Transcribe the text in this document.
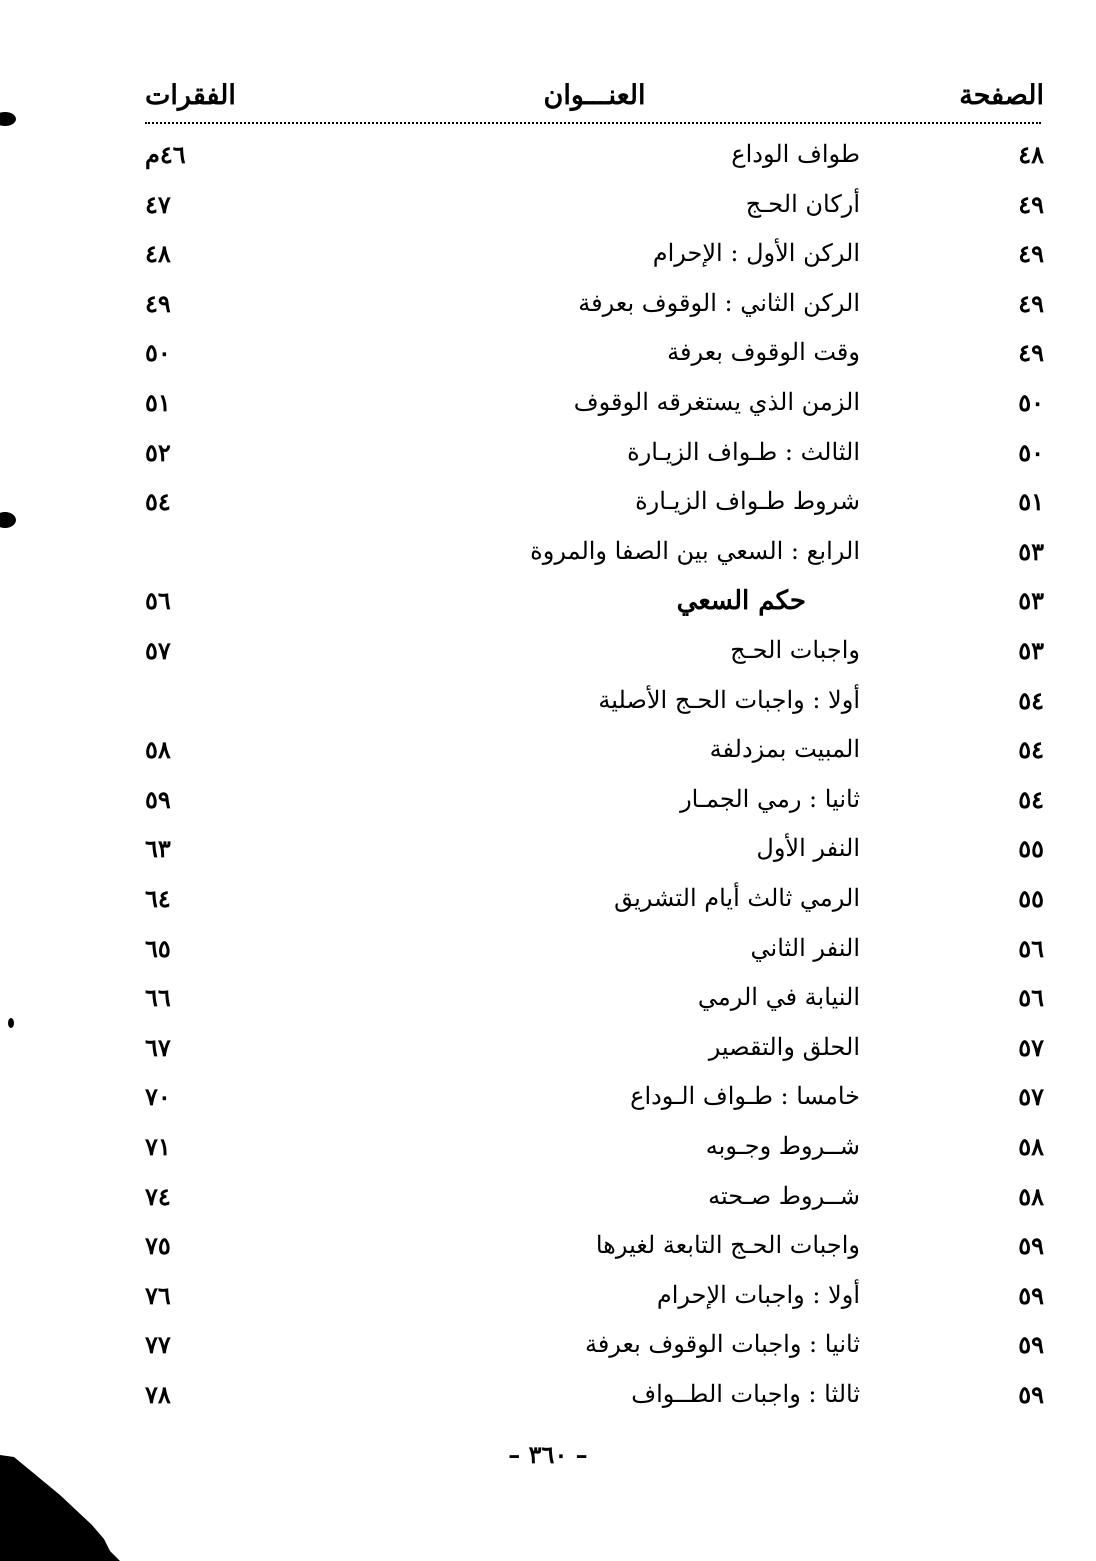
الصفحة
العنـــوان
الفقرات
٤٨
طواف الوداع
٤٦م
٤٩
أركان الحـج
٤٧
٤٩
الركن الأول : الإحرام
٤٨
٤٩
الركن الثاني : الوقوف بعرفة
٤٩
٤٩
وقت الوقوف بعرفة
٥٠
٥٠
الزمن الذي يستغرقه الوقوف
٥١
٥٠
الثالث : طـواف الزيـارة
٥٢
٥١
شروط طـواف الزيـارة
٥٤
٥٣
الرابع : السعي بين الصفا والمروة
٥٣
حكم السعي
٥٦
٥٣
واجبات الحـج
٥٧
٥٤
أولا : واجبات الحـج الأصلية
٥٤
المبيت بمزدلفة
٥٨
٥٤
ثانيا : رمي الجمـار
٥٩
٥٥
النفر الأول
٦٣
٥٥
الرمي ثالث أيام التشريق
٦٤
٥٦
النفر الثاني
٦٥
٥٦
النيابة في الرمي
٦٦
٥٧
الحلق والتقصير
٦٧
٥٧
خامسا : طـواف الـوداع
٧٠
٥٨
شــروط وجـوبه
٧١
٥٨
شــروط صـحته
٧٤
٥٩
واجبات الحـج التابعة لغيرها
٧٥
٥٩
أولا : واجبات الإحرام
٧٦
٥٩
ثانيا : واجبات الوقوف بعرفة
٧٧
٥٩
ثالثا : واجبات الطــواف
٧٨
– ٣٦٠ –
